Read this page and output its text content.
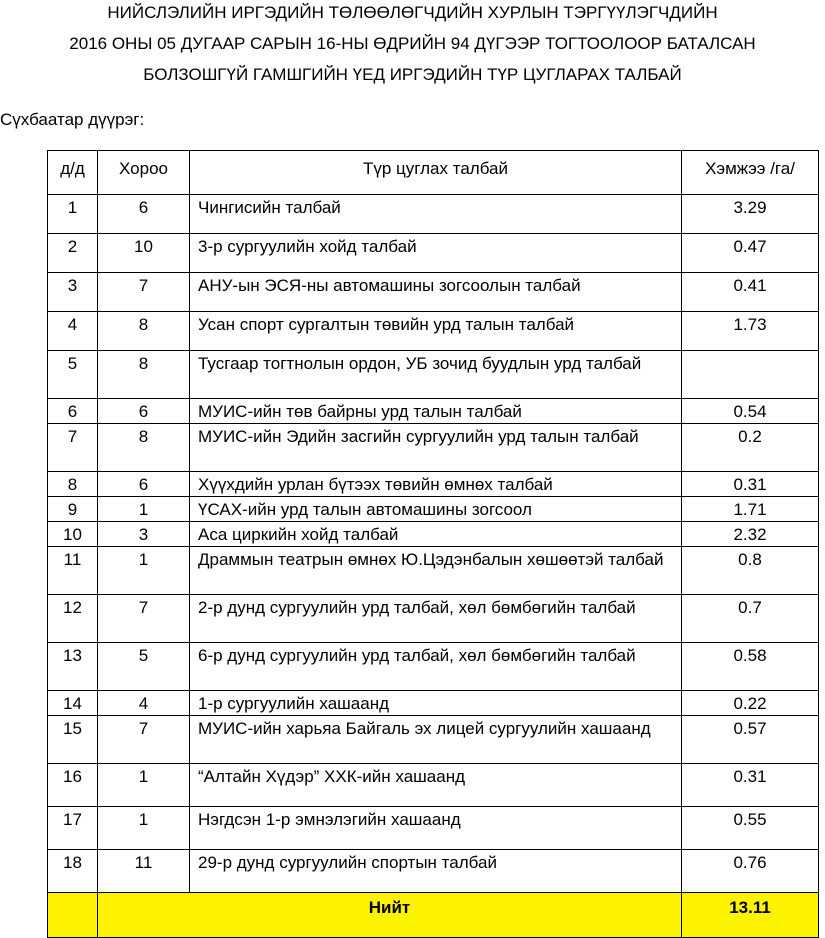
НИЙСЛЭЛИЙН ИРГЭДИЙН ТӨЛӨӨЛӨГЧДИЙН ХУРЛЫН ТЭРГҮҮЛЭГЧДИЙН
2016 ОНЫ 05 ДУГААР САРЫН 16-НЫ ӨДРИЙН 94 ДҮГЭЭР ТОГТООЛООР БАТАЛСАН
БОЛЗОШГҮЙ ГАМШГИЙН ҮЕД ИРГЭДИЙН ТҮР ЦУГЛАРАХ ТАЛБАЙ
Сүхбаатар дүүрэг:
д/д	Хороо	Түр цуглах талбай	Хэмжээ /га/
1	6	Чингисийн талбай	3.29
2	10	3-р сургуулийн хойд талбай	0.47
3	7	АНУ-ын ЭСЯ-ны автомашины зогсоолын талбай	0.41
4	8	Усан спорт сургалтын төвийн урд талын талбай	1.73
5	8	Тусгаар тогтнолын ордон, УБ зочид буудлын урд талбай	
6	6	МУИС-ийн төв байрны урд талын талбай	0.54
7	8	МУИС-ийн Эдийн засгийн сургуулийн урд талын талбай	0.2
8	6	Хүүхдийн урлан бүтээх төвийн өмнөх талбай	0.31
9	1	ҮСАХ-ийн урд талын автомашины зогсоол	1.71
10	3	Аса циркийн хойд талбай	2.32
11	1	Драммын театрын өмнөх Ю.Цэдэнбалын хөшөөтэй талбай	0.8
12	7	2-р дунд сургуулийн урд талбай, хөл бөмбөгийн талбай	0.7
13	5	6-р дунд сургуулийн урд талбай, хөл бөмбөгийн талбай	0.58
14	4	1-р сургуулийн хашаанд	0.22
15	7	МУИС-ийн харьяа Байгаль эх лицей сургуулийн хашаанд	0.57
16	1	“Алтайн Хүдэр” ХХК-ийн хашаанд	0.31
17	1	Нэгдсэн 1-р эмнэлэгийн хашаанд	0.55
18	11	29-р дунд сургуулийн спортын талбай	0.76
	Нийт		13.11
